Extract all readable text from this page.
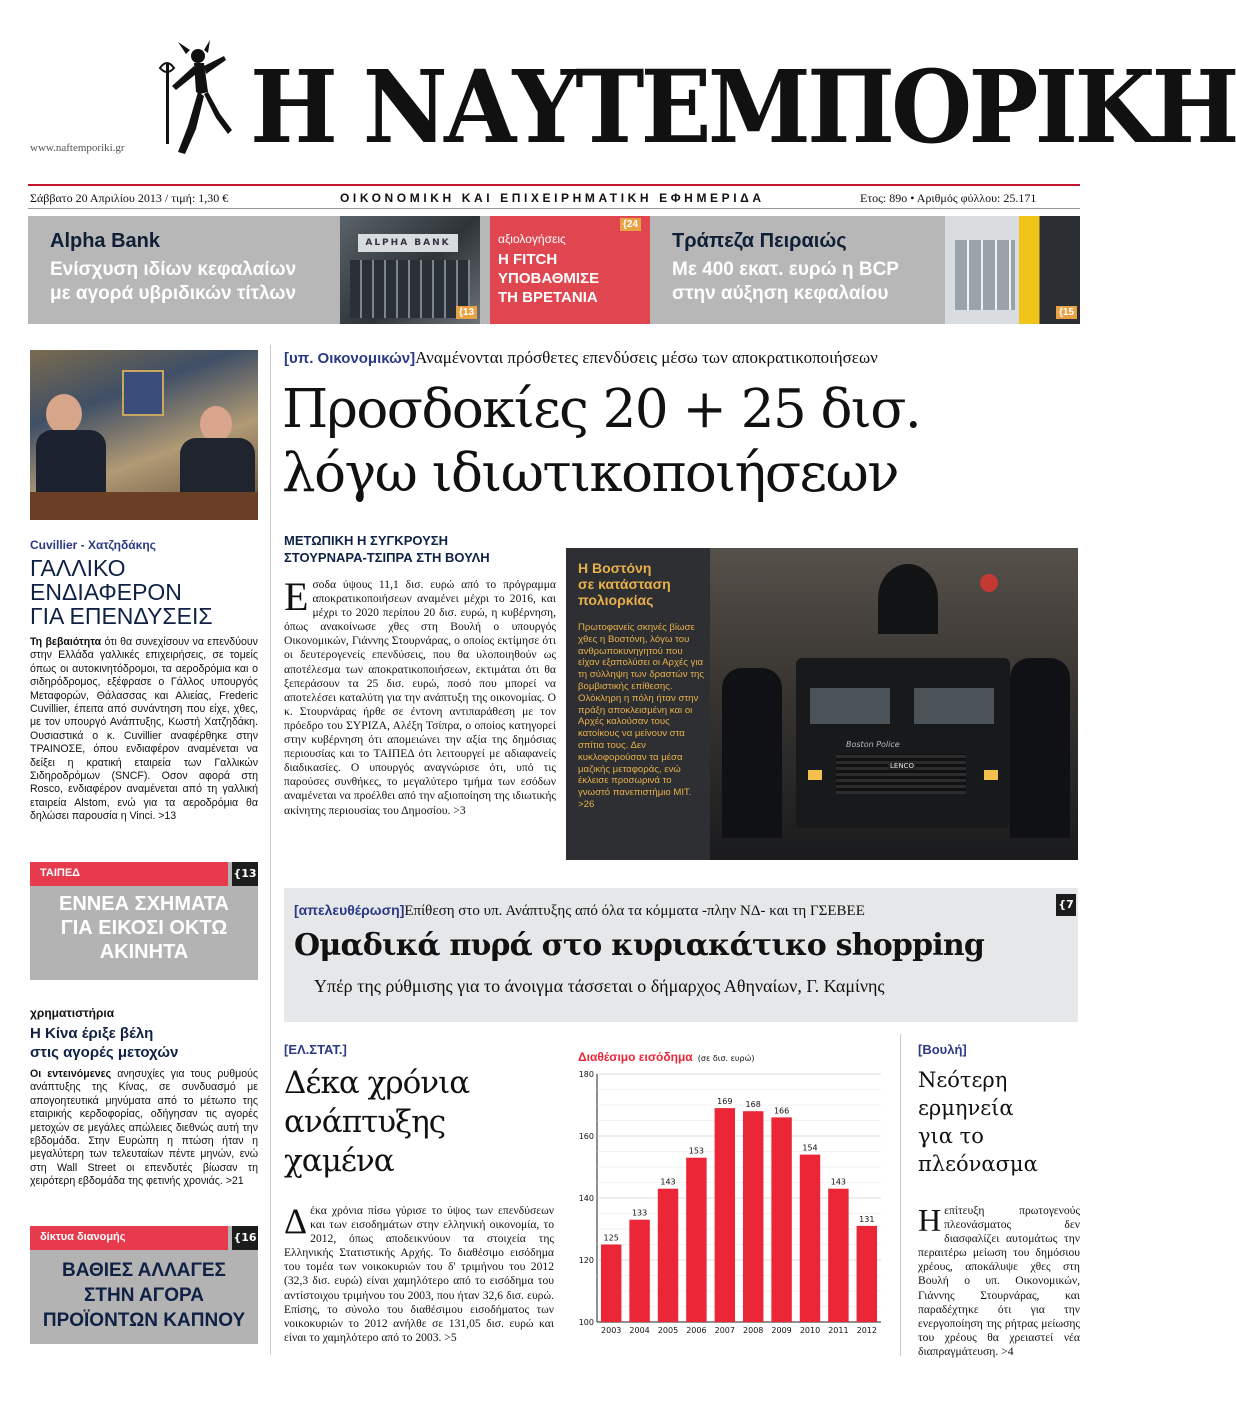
Η ΝΑΥΤΕΜΠΟΡΙΚΗ
www.naftemporiki.gr
Σάββατο 20 Απριλίου 2013 / τιμή: 1,30 €	ΟΙΚΟΝΟΜΙΚΗ ΚΑΙ ΕΠΙΧΕΙΡΗΜΑΤΙΚΗ ΕΦΗΜΕΡΙΔΑ	Ετος: 89ο • Αριθμός φύλλου: 25.171
Alpha Bank
Ενίσχυση ιδίων κεφαλαίων
με αγορά υβριδικών τίτλων
ALPHA BANK
{13
αξιολογήσεις
Η FITCH
ΥΠΟΒΑΘΜΙΣΕ
ΤΗ ΒΡΕΤΑΝΙΑ
{24
Τράπεζα Πειραιώς
Με 400 εκατ. ευρώ η BCP
στην αύξηση κεφαλαίου
{15
Cuvillier - Χατζηδάκης
ΓΑΛΛΙΚΟ
ΕΝΔΙΑΦΕΡΟΝ
ΓΙΑ ΕΠΕΝΔΥΣΕΙΣ

Τη βεβαιότητα ότι θα συνεχίσουν να επενδύουν στην Ελλάδα γαλλικές επιχειρήσεις, σε τομείς όπως οι αυτοκινητόδρομοι, τα αεροδρόμια και ο σιδηρόδρομος, εξέφρασε ο Γάλλος υπουργός Μεταφορών, Θάλασσας και Αλιείας, Frederic Cuvillier, έπειτα από συνάντηση που είχε, χθες, με τον υπουργό Ανάπτυξης, Κωστή Χατζηδάκη. Ουσιαστικά ο κ. Cuvillier αναφέρθηκε στην ΤΡΑΙΝΟΣΕ, όπου ενδιαφέρον αναμένεται να δείξει η κρατική εταιρεία των Γαλλικών Σιδηροδρόμων (SNCF). Οσον αφορά στη Rosco, ενδιαφέρον αναμένεται από τη γαλλική εταιρεία Alstom, ενώ για τα αεροδρόμια θα δηλώσει παρουσία η Vinci. >13

ΤΑΙΠΕΔ	{13
ΕΝΝΕΑ ΣΧΗΜΑΤΑ
ΓΙΑ ΕΙΚΟΣΙ ΟΚΤΩ
ΑΚΙΝΗΤΑ
χρηματιστήρια
Η Κίνα έριξε βέλη
στις αγορές μετοχών

Οι εντεινόμενες ανησυχίες για τους ρυθμούς ανάπτυξης της Κίνας, σε συνδυασμό με απογοητευτικά μηνύματα από το μέτωπο της εταιρικής κερδοφορίας, οδήγησαν τις αγορές μετοχών σε μεγάλες απώλειες διεθνώς αυτή την εβδομάδα. Στην Ευρώπη η πτώση ήταν η μεγαλύτερη των τελευταίων πέντε μηνών, ενώ στη Wall Street οι επενδυτές βίωσαν τη χειρότερη εβδομάδα της φετινής χρονιάς. >21

δίκτυα διανομής	{16
ΒΑΘΙΕΣ ΑΛΛΑΓΕΣ
ΣΤΗΝ ΑΓΟΡΑ
ΠΡΟΪΟΝΤΩΝ ΚΑΠΝΟΥ
[υπ. Οικονομικών]Αναμένονται πρόσθετες επενδύσεις μέσω των αποκρατικοποιήσεων
Προσδοκίες 20 + 25 δισ.
λόγω ιδιωτικοποιήσεων
ΜΕΤΩΠΙΚΗ Η ΣΥΓΚΡΟΥΣΗ
ΣΤΟΥΡΝΑΡΑ-ΤΣΙΠΡΑ ΣΤΗ ΒΟΥΛΗ
Ε σοδα ύψους 11,1 δισ. ευρώ από το πρόγραμμα αποκρατικοποιήσεων αναμένει μέχρι το 2016, και μέχρι το 2020 περίπου 20 δισ. ευρώ, η κυβέρνηση, όπως ανακοίνωσε χθες στη Βουλή ο υπουργός Οικονομικών, Γιάννης Στουρνάρας, ο οποίος εκτίμησε ότι οι δευτερογενείς επενδύσεις, που θα υλοποιηθούν ως αποτέλεσμα των αποκρατικοποιήσεων, εκτιμάται ότι θα ξεπεράσουν τα 25 δισ. ευρώ, ποσό που μπορεί να αποτελέσει καταλύτη για την ανάπτυξη της οικονομίας. Ο κ. Στουρνάρας ήρθε σε έντονη αντιπαράθεση με τον πρόεδρο του ΣΥΡΙΖΑ, Αλέξη Τσίπρα, ο οποίος κατηγορεί στην κυβέρνηση ότι απομειώνει την αξία της δημόσιας περιουσίας και το ΤΑΙΠΕΔ ότι λειτουργεί με αδιαφανείς διαδικασίες. Ο υπουργός αναγνώρισε ότι, υπό τις παρούσες συνθήκες, το μεγαλύτερο τμήμα των εσόδων αναμένεται να προέλθει από την αξιοποίηση της ιδιωτικής ακίνητης περιουσίας του Δημοσίου. >3

Boston Police
LENCO
Η Βοστόνη
σε κατάσταση
πολιορκίας

Πρωτοφανείς σκηνές βίωσε χθες η Βοστόνη, λόγω του ανθρωποκυνηγητού που είχαν εξαπολύσει οι Αρχές για τη σύλληψη των δραστών της βομβιστικής επίθεσης. Ολόκληρη η πόλη ήταν στην πράξη αποκλεισμένη και οι Αρχές καλούσαν τους κατοίκους να μείνουν στα σπίτια τους. Δεν κυκλοφορούσαν τα μέσα μαζικής μεταφοράς, ενώ έκλεισε προσωρινά το γνωστό πανεπιστήμιο MIT. >26

[απελευθέρωση]Επίθεση στο υπ. Ανάπτυξης από όλα τα κόμματα -πλην ΝΔ- και τη ΓΣΕΒΕΕ	{7
Ομαδικά πυρά στο κυριακάτικο shopping
Υπέρ της ρύθμισης για το άνοιγμα τάσσεται ο δήμαρχος Αθηναίων, Γ. Καμίνης
[ΕΛ.ΣΤΑΤ.]
Δέκα χρόνια
ανάπτυξης
χαμένα
Δ έκα χρόνια πίσω γύρισε το ύψος των επενδύσεων και των εισοδημάτων στην ελληνική οικονομία, το 2012, όπως αποδεικνύουν τα στοιχεία της Ελληνικής Στατιστικής Αρχής. Το διαθέσιμο εισόδημα του τομέα των νοικοκυριών του δ' τριμήνου του 2012 (32,3 δισ. ευρώ) είναι χαμηλότερο από το εισόδημα του αντίστοιχου τριμήνου του 2003, που ήταν 32,6 δισ. ευρώ. Επίσης, το σύνολο του διαθέσιμου εισοδήματος των νοικοκυριών το 2012 ανήλθε σε 131,05 δισ. ευρώ και είναι το χαμηλότερο από το 2003. >5

Διαθέσιμο εισόδημα (σε δισ. ευρώ)
100
120
140
160
180
125
2003
133
2004
143
2005
153
2006
169
2007
168
2008
166
2009
154
2010
143
2011
131
2012
[Βουλή]
Νεότερη
ερμηνεία
για το
πλεόνασμα
Η επίτευξη πρωτογενούς πλεονάσματος δεν διασφαλίζει αυτομάτως την περαιτέρω μείωση του δημόσιου χρέους, αποκάλυψε χθες στη Βουλή ο υπ. Οικονομικών, Γιάννης Στουρνάρας, και παραδέχτηκε ότι για την ενεργοποίηση της ρήτρας μείωσης του χρέους θα χρειαστεί νέα διαπραγμάτευση. >4
